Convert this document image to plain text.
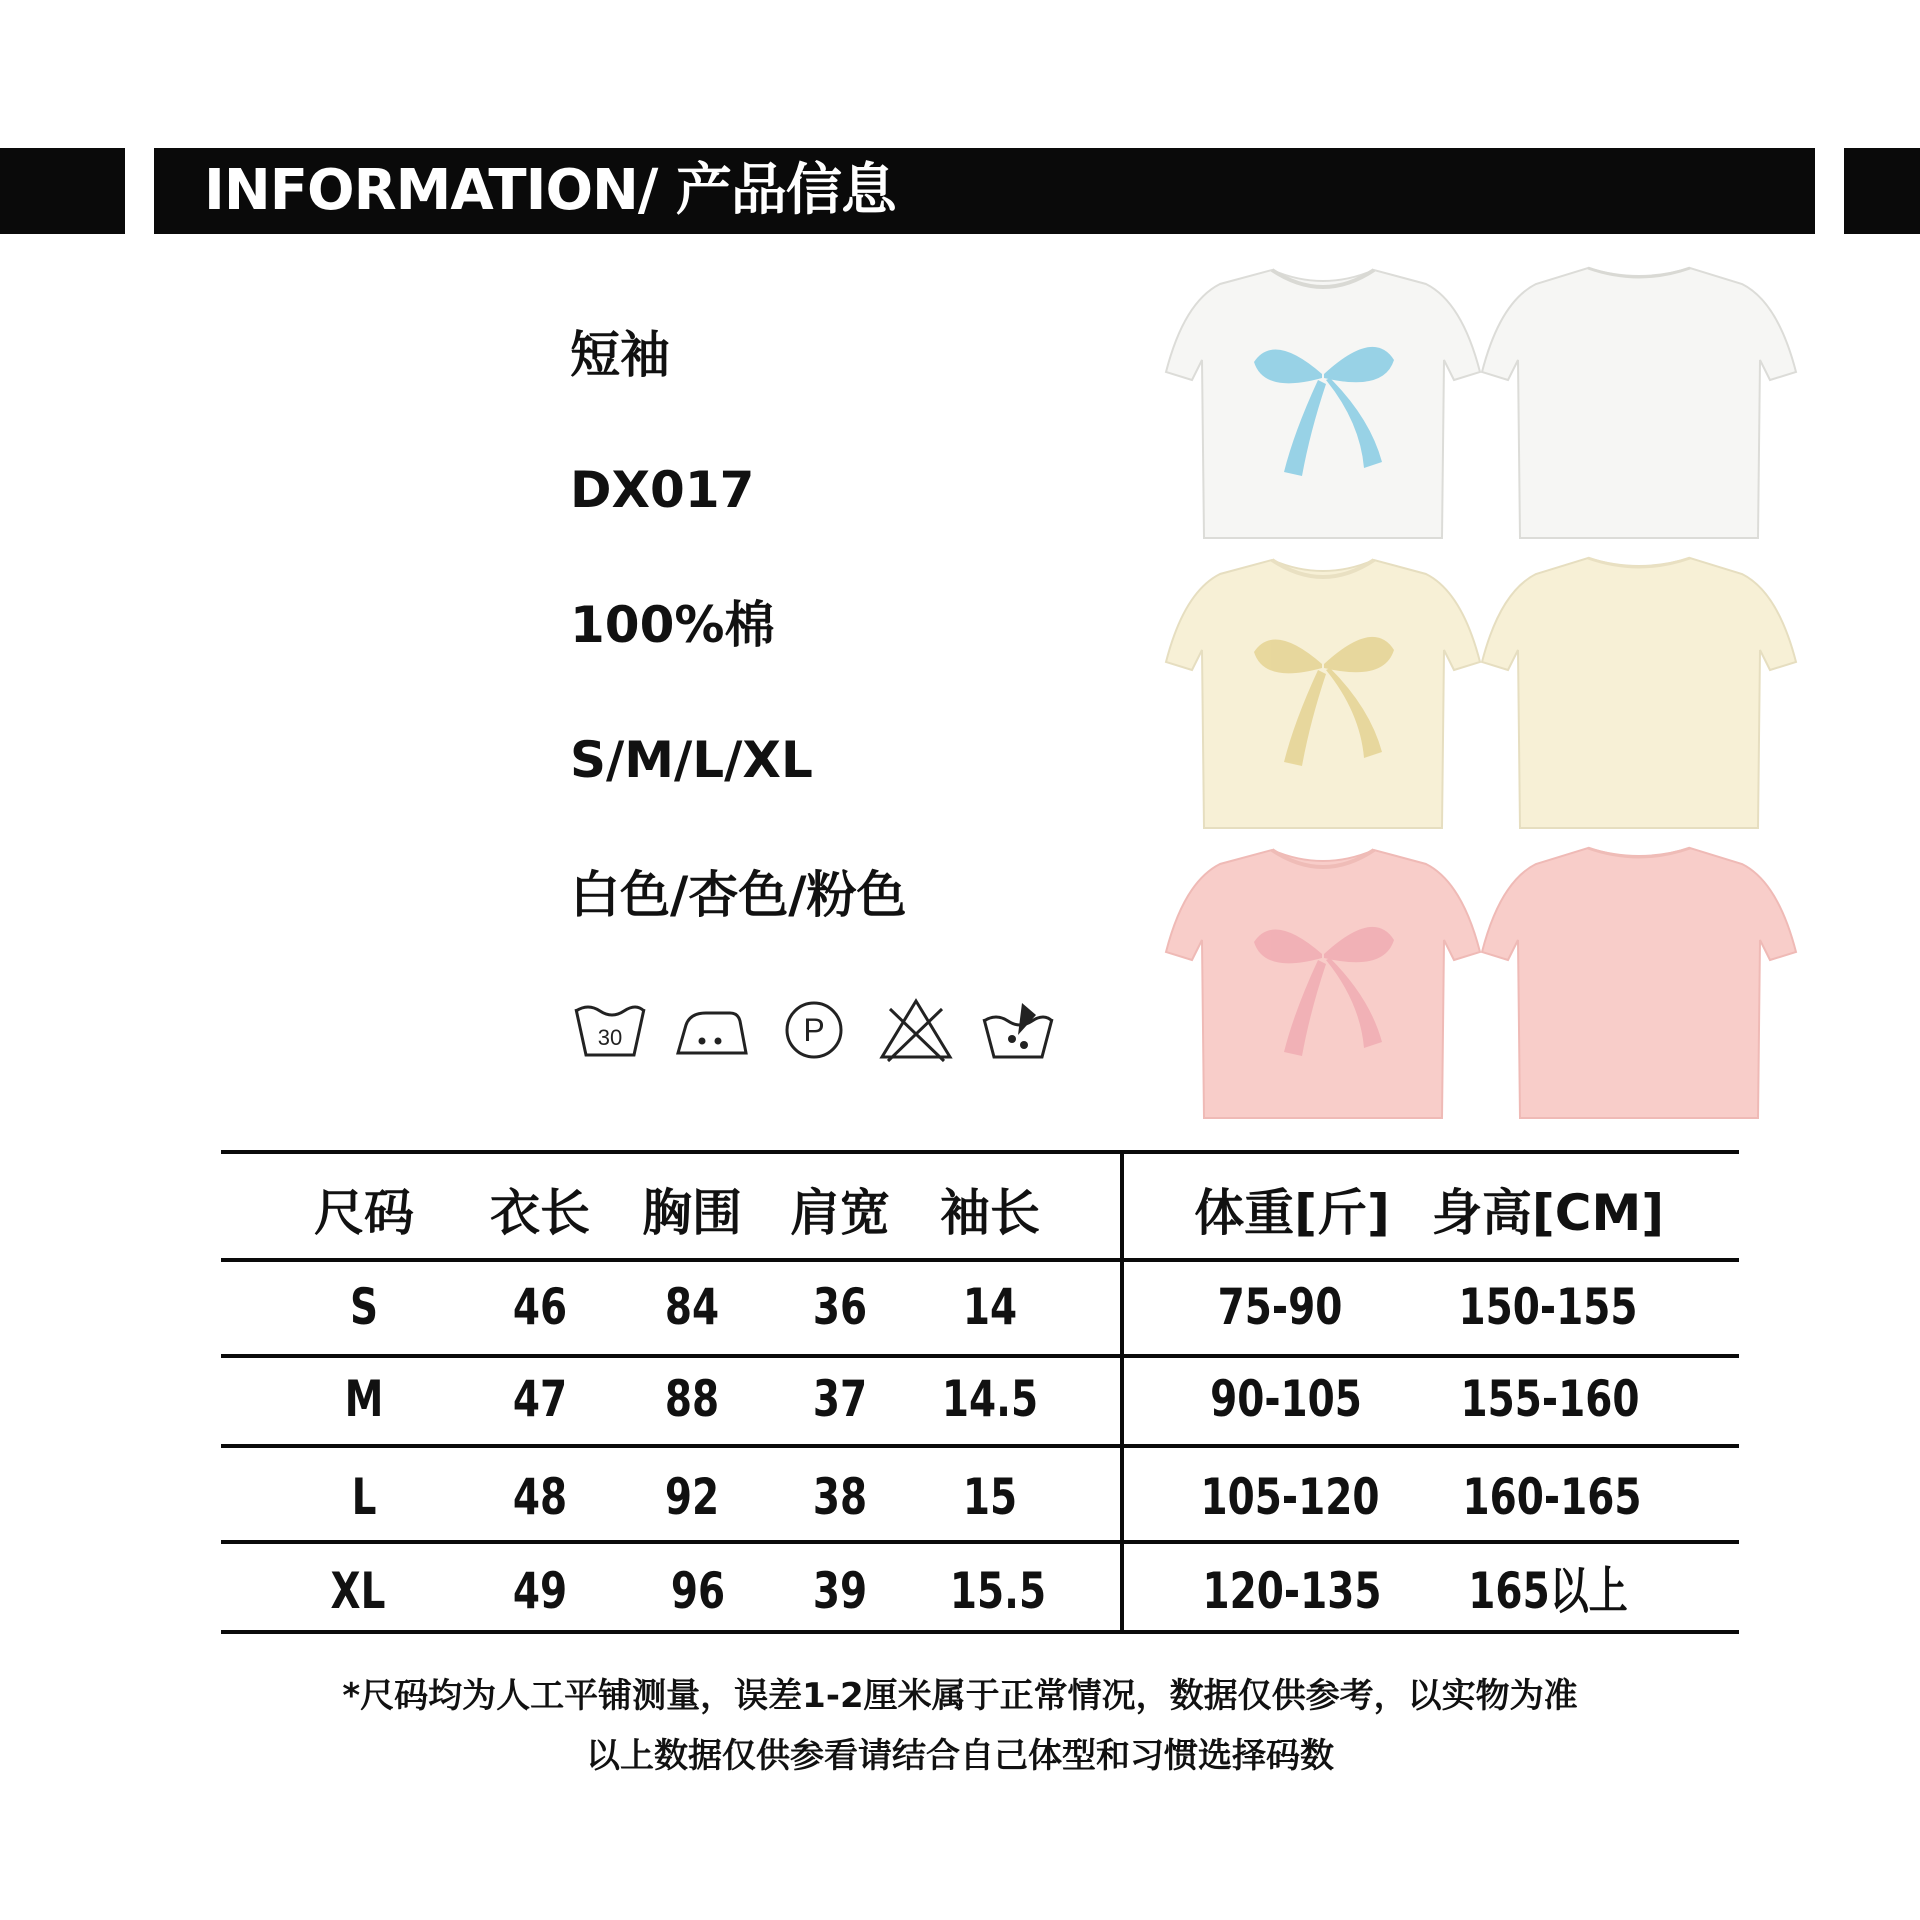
INFORMATION/ 产品信息
短袖
DX017
100%棉
S/M/L/XL
白色/杏色/粉色
30	P
尺码 衣长 胸围 肩宽 袖长	体重[斤] 身高[CM]
S	46 84 36 14	75-90 150-155
M	47 88 37 14.5	90-105 155-160
L	48 92 38 15	105-120 160-165
XL	49 96 39 15.5	120-135 165以上
*尺码均为人工平铺测量，误差1-2厘米属于正常情况，数据仅供参考，以实物为准
以上数据仅供参看请结合自己体型和习惯选择码数
